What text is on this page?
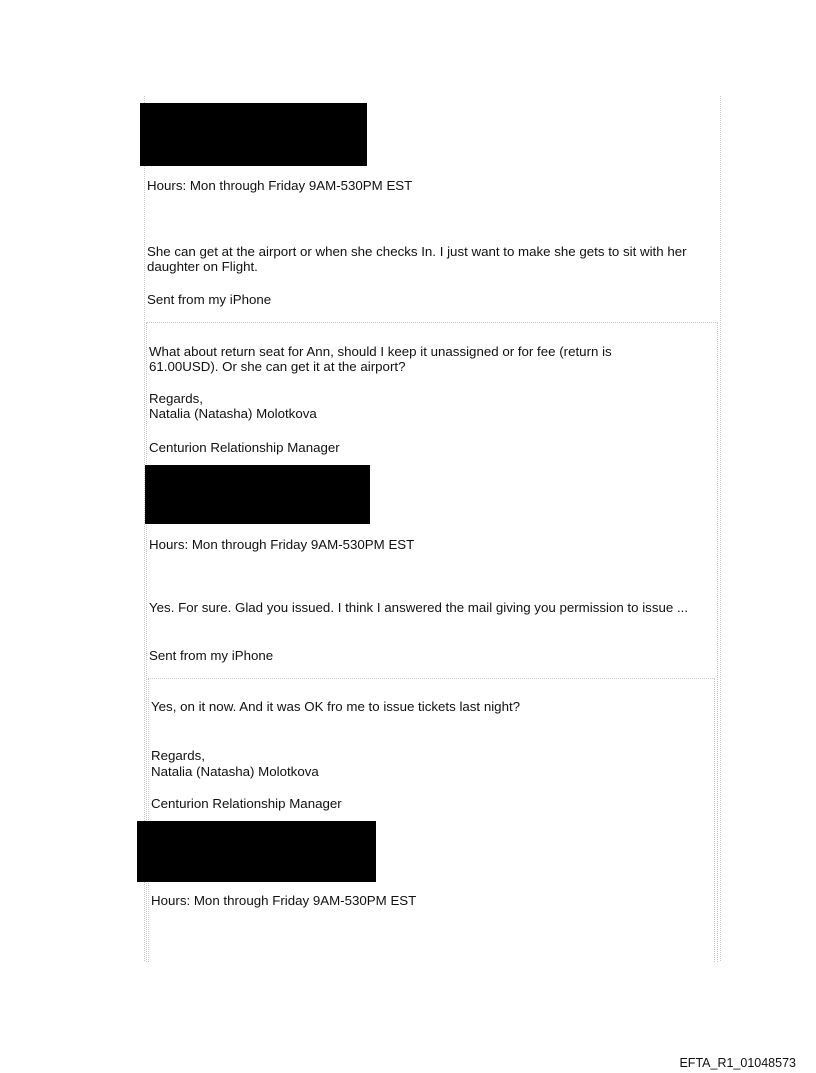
Hours: Mon through Friday 9AM-530PM EST
She can get at the airport or when she checks In. I just want to make she gets to sit with her daughter on Flight.
Sent from my iPhone
What about return seat for Ann, should I keep it unassigned or for fee (return is 61.00USD). Or she can get it at the airport?
Regards,
Natalia (Natasha) Molotkova
Centurion Relationship Manager
Hours: Mon through Friday 9AM-530PM EST
Yes. For sure. Glad you issued. I think I answered the mail giving you permission to issue ...
Sent from my iPhone
Yes, on it now. And it was OK fro me to issue tickets last night?
Regards,
Natalia (Natasha) Molotkova
Centurion Relationship Manager
Hours: Mon through Friday 9AM-530PM EST
EFTA_R1_01048573
